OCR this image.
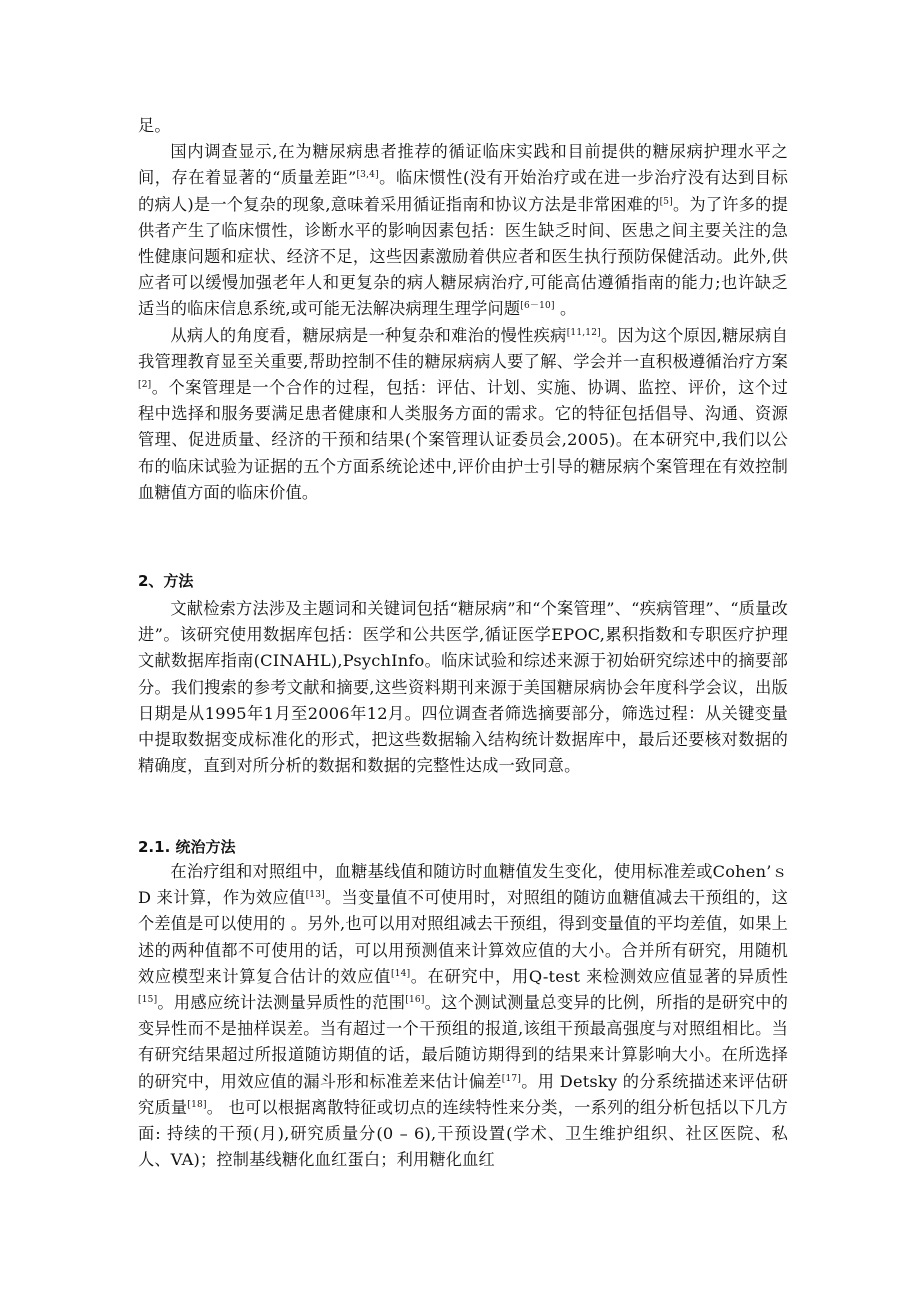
足。

国内调查显示,在为糖尿病患者推荐的循证临床实践和目前提供的糖尿病护理水平之间，存在着显著的“质量差距”[3,4]。临床惯性(没有开始治疗或在进一步治疗没有达到目标的病人)是一个复杂的现象,意味着采用循证指南和协议方法是非常困难的[5]。为了许多的提供者产生了临床惯性，诊断水平的影响因素包括：医生缺乏时间、医患之间主要关注的急性健康问题和症状、经济不足，这些因素激励着供应者和医生执行预防保健活动。此外,供应者可以缓慢加强老年人和更复杂的病人糖尿病治疗,可能高估遵循指南的能力;也许缺乏适当的临床信息系统,或可能无法解决病理生理学问题[6－10] 。

从病人的角度看，糖尿病是一种复杂和难治的慢性疾病[11,12]。因为这个原因,糖尿病自我管理教育显至关重要,帮助控制不佳的糖尿病病人要了解、学会并一直积极遵循治疗方案[2]。个案管理是一个合作的过程，包括：评估、计划、实施、协调、监控、评价，这个过程中选择和服务要满足患者健康和人类服务方面的需求。它的特征包括倡导、沟通、资源管理、促进质量、经济的干预和结果(个案管理认证委员会,2005)。在本研究中,我们以公布的临床试验为证据的五个方面系统论述中,评价由护士引导的糖尿病个案管理在有效控制血糖值方面的临床价值。

2、方法

文献检索方法涉及主题词和关键词包括“糖尿病”和“个案管理”、“疾病管理”、“质量改进”。该研究使用数据库包括：医学和公共医学,循证医学EPOC,累积指数和专职医疗护理文献数据库指南(CINAHL),PsychInfo。临床试验和综述来源于初始研究综述中的摘要部分。我们搜索的参考文献和摘要,这些资料期刊来源于美国糖尿病协会年度科学会议，出版日期是从1995年1月至2006年12月。四位调查者筛选摘要部分，筛选过程：从关键变量中提取数据变成标准化的形式，把这些数据输入结构统计数据库中，最后还要核对数据的精确度，直到对所分析的数据和数据的完整性达成一致同意。

2.1. 统治方法

在治疗组和对照组中，血糖基线值和随访时血糖值发生变化，使用标准差或Cohen’ｓ D 来计算，作为效应值[13]。当变量值不可使用时，对照组的随访血糖值减去干预组的，这个差值是可以使用的 。另外,也可以用对照组减去干预组，得到变量值的平均差值，如果上述的两种值都不可使用的话，可以用预测值来计算效应值的大小。合并所有研究，用随机效应模型来计算复合估计的效应值[14]。在研究中，用Q-test 来检测效应值显著的异质性[15]。用感应统计法测量异质性的范围[16]。这个测试测量总变异的比例，所指的是研究中的变异性而不是抽样误差。当有超过一个干预组的报道,该组干预最高强度与对照组相比。当有研究结果超过所报道随访期值的话，最后随访期得到的结果来计算影响大小。在所选择的研究中，用效应值的漏斗形和标准差来估计偏差[17]。用 Detsky 的分系统描述来评估研究质量[18]。 也可以根据离散特征或切点的连续特性来分类，一系列的组分析包括以下几方面: 持续的干预(月),研究质量分(0 – 6),干预设置(学术、卫生维护组织、社区医院、私人、VA)；控制基线糖化血红蛋白；利用糖化血红
